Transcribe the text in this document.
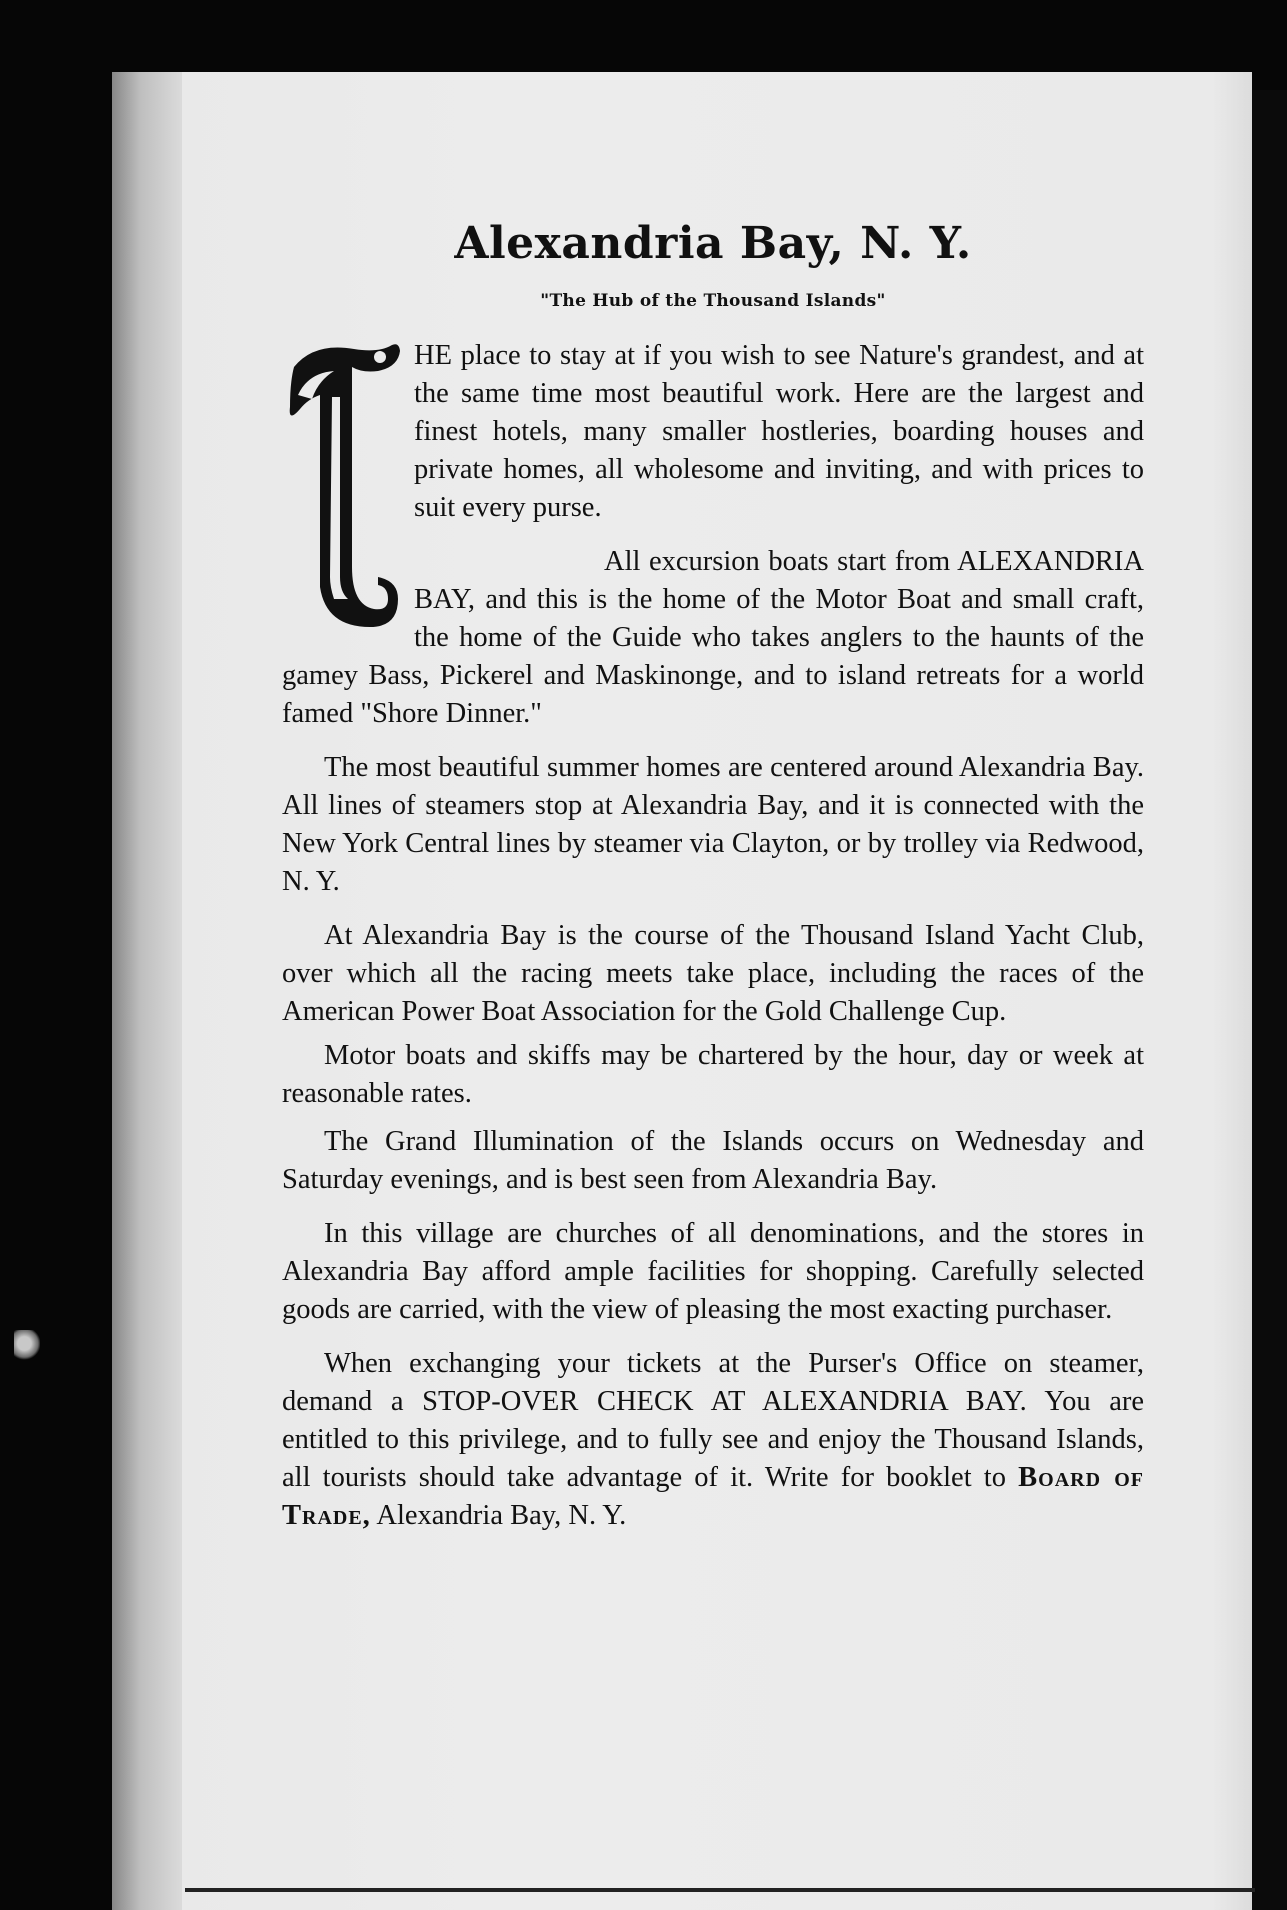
Alexandria Bay, N. Y.
"The Hub of the Thousand Islands"

HE place to stay at if you wish to see Nature's grandest, and at the same time most beautiful work. Here are the largest and finest hotels, many smaller hostleries, boarding houses and private homes, all wholesome and inviting, and with prices to suit every purse.

All excursion boats start from ALEXANDRIA BAY, and this is the home of the Motor Boat and small craft, the home of the Guide who takes anglers to the haunts of the gamey Bass, Pickerel and Maskinonge, and to island retreats for a world famed "Shore Dinner."

The most beautiful summer homes are centered around Alexandria Bay. All lines of steamers stop at Alexandria Bay, and it is connected with the New York Central lines by steamer via Clayton, or by trolley via Redwood, N. Y.

At Alexandria Bay is the course of the Thousand Island Yacht Club, over which all the racing meets take place, including the races of the American Power Boat Association for the Gold Challenge Cup.

Motor boats and skiffs may be chartered by the hour, day or week at reasonable rates.

The Grand Illumination of the Islands occurs on Wednesday and Saturday evenings, and is best seen from Alexandria Bay.

In this village are churches of all denominations, and the stores in Alexandria Bay afford ample facilities for shopping. Carefully selected goods are carried, with the view of pleasing the most exacting purchaser.

When exchanging your tickets at the Purser's Office on steamer, demand a STOP-OVER CHECK AT ALEXANDRIA BAY. You are entitled to this privilege, and to fully see and enjoy the Thousand Islands, all tourists should take advantage of it. Write for booklet to Board of Trade, Alexandria Bay, N. Y.
